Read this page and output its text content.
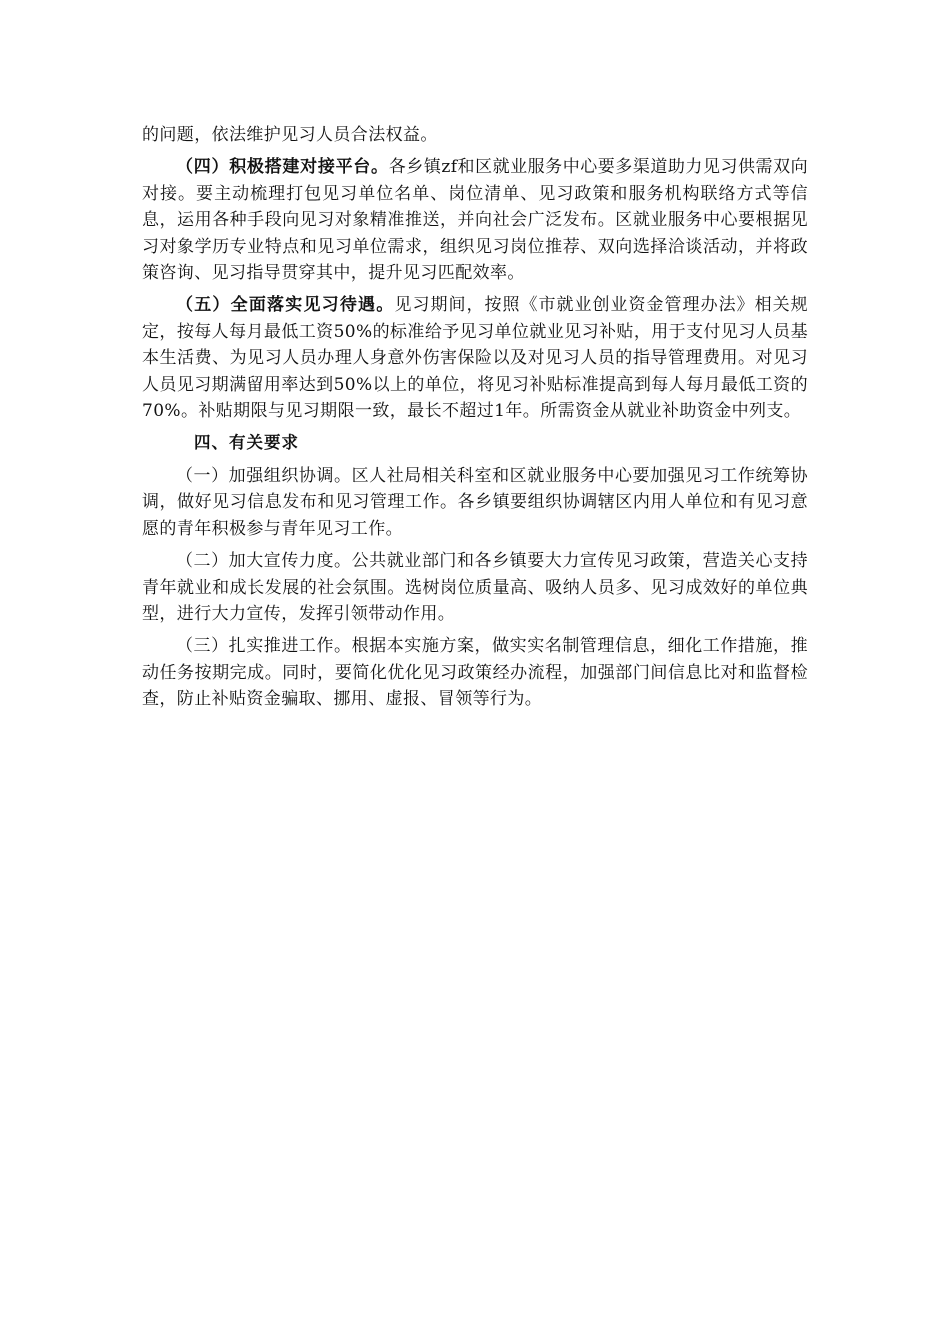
的问题，依法维护见习人员合法权益。

（四）积极搭建对接平台。各乡镇zf和区就业服务中心要多渠道助力见习供需双向对接。要主动梳理打包见习单位名单、岗位清单、见习政策和服务机构联络方式等信息，运用各种手段向见习对象精准推送，并向社会广泛发布。区就业服务中心要根据见习对象学历专业特点和见习单位需求，组织见习岗位推荐、双向选择洽谈活动，并将政策咨询、见习指导贯穿其中，提升见习匹配效率。

（五）全面落实见习待遇。见习期间，按照《市就业创业资金管理办法》相关规定，按每人每月最低工资50%的标准给予见习单位就业见习补贴，用于支付见习人员基本生活费、为见习人员办理人身意外伤害保险以及对见习人员的指导管理费用。对见习人员见习期满留用率达到50%以上的单位，将见习补贴标准提高到每人每月最低工资的70%。补贴期限与见习期限一致，最长不超过1年。所需资金从就业补助资金中列支。

四、有关要求

（一）加强组织协调。区人社局相关科室和区就业服务中心要加强见习工作统筹协调，做好见习信息发布和见习管理工作。各乡镇要组织协调辖区内用人单位和有见习意愿的青年积极参与青年见习工作。

（二）加大宣传力度。公共就业部门和各乡镇要大力宣传见习政策，营造关心支持青年就业和成长发展的社会氛围。选树岗位质量高、吸纳人员多、见习成效好的单位典型，进行大力宣传，发挥引领带动作用。

（三）扎实推进工作。根据本实施方案，做实实名制管理信息，细化工作措施，推动任务按期完成。同时，要简化优化见习政策经办流程，加强部门间信息比对和监督检查，防止补贴资金骗取、挪用、虚报、冒领等行为。
